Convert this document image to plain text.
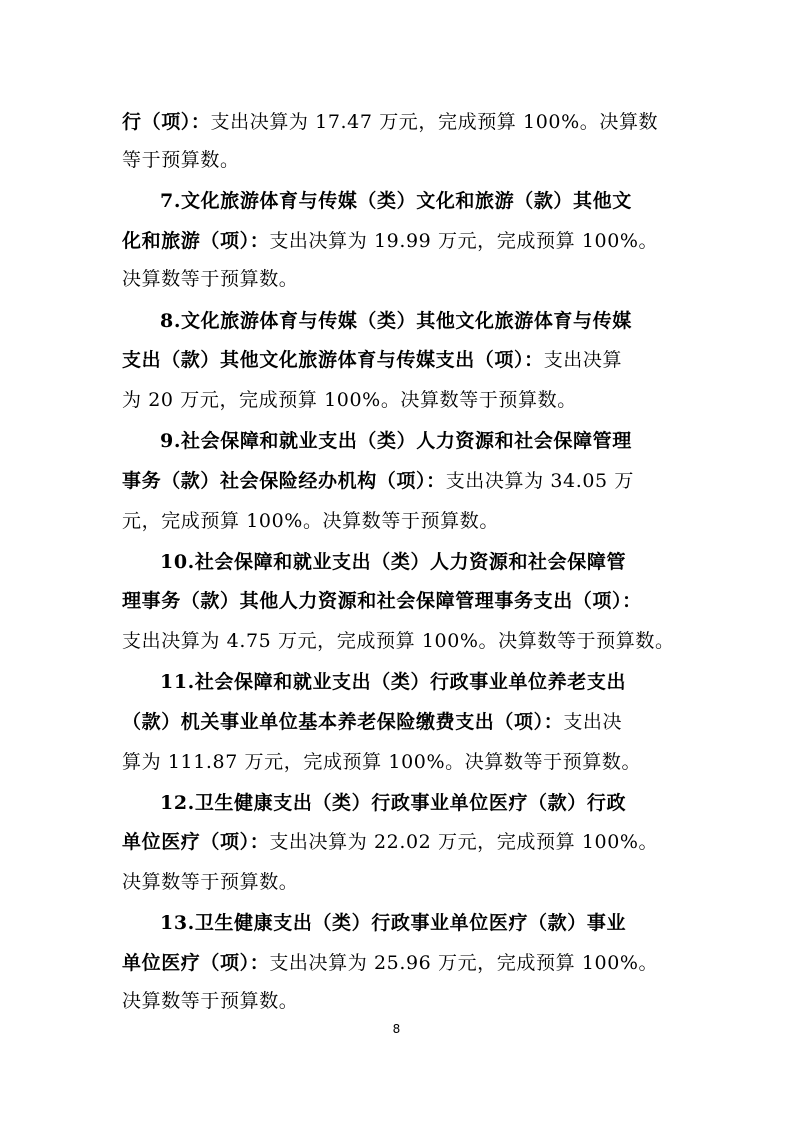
行（项）：支出决算为 17.47 万元，完成预算 100%。决算数
等于预算数。
7.文化旅游体育与传媒（类）文化和旅游（款）其他文
化和旅游（项）：支出决算为 19.99 万元，完成预算 100%。
决算数等于预算数。
8.文化旅游体育与传媒（类）其他文化旅游体育与传媒
支出（款）其他文化旅游体育与传媒支出（项）：支出决算
为 20 万元，完成预算 100%。决算数等于预算数。
9.社会保障和就业支出（类）人力资源和社会保障管理
事务（款）社会保险经办机构（项）：支出决算为 34.05 万
元，完成预算 100%。决算数等于预算数。
10.社会保障和就业支出（类）人力资源和社会保障管
理事务（款）其他人力资源和社会保障管理事务支出（项）：
支出决算为 4.75 万元，完成预算 100%。决算数等于预算数。
11.社会保障和就业支出（类）行政事业单位养老支出
（款）机关事业单位基本养老保险缴费支出（项）：支出决
算为 111.87 万元，完成预算 100%。决算数等于预算数。
12.卫生健康支出（类）行政事业单位医疗（款）行政
单位医疗（项）：支出决算为 22.02 万元，完成预算 100%。
决算数等于预算数。
13.卫生健康支出（类）行政事业单位医疗（款）事业
单位医疗（项）：支出决算为 25.96 万元，完成预算 100%。
决算数等于预算数。
8
